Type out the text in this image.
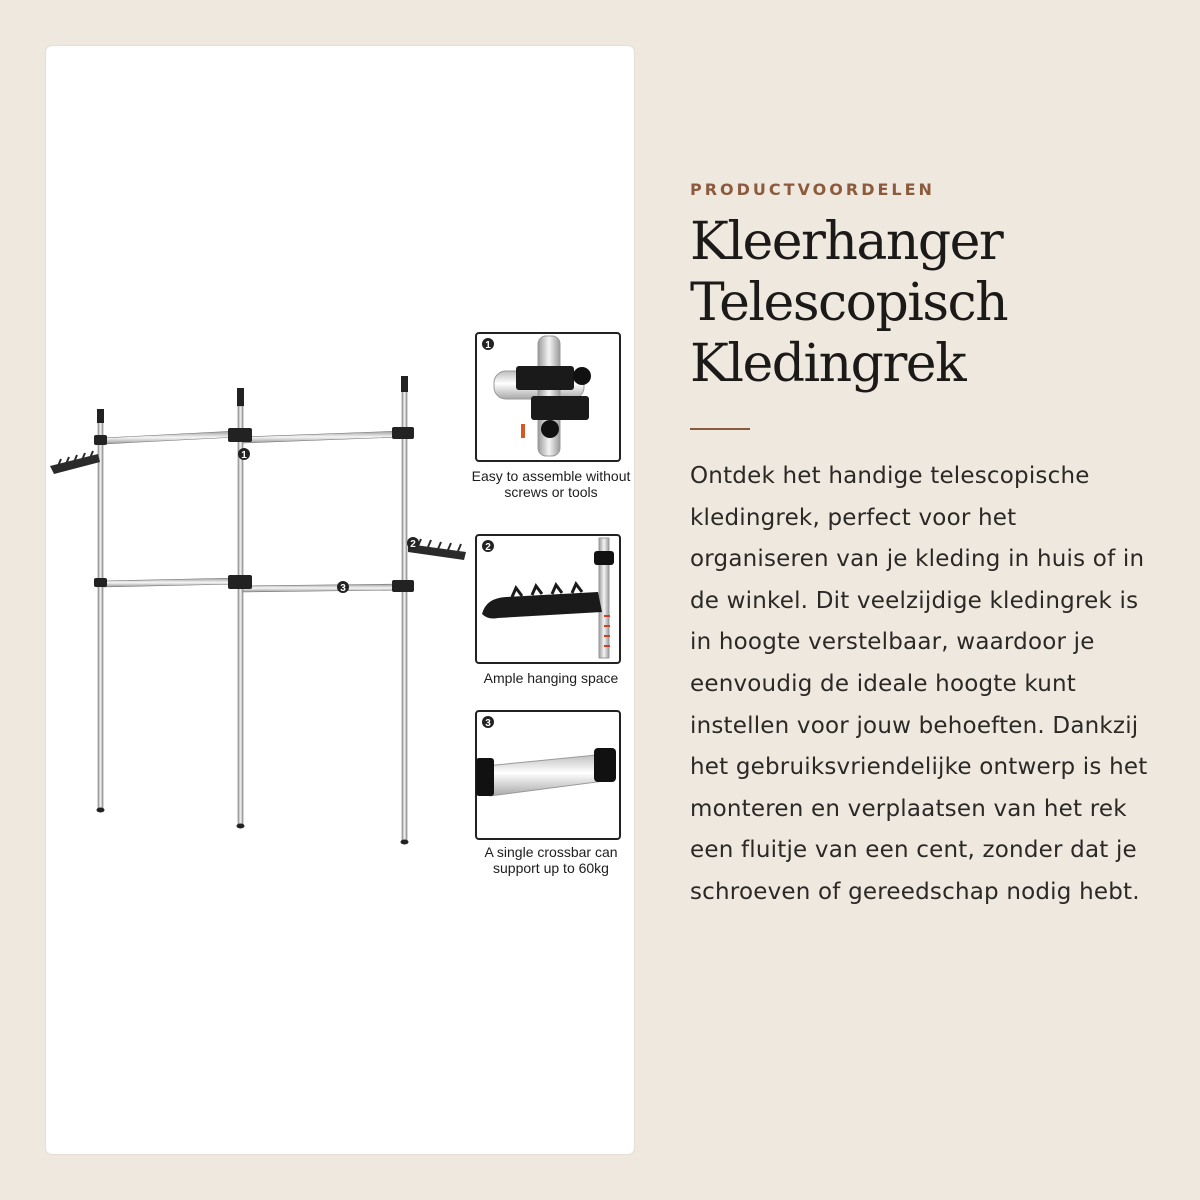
1
2
3
1
2
3
Easy to assemble without screws or tools
Ample hanging space
A single crossbar can support up to 60kg
PRODUCTVOORDELEN
Kleerhanger
Telescopisch
Kledingrek

Ontdek het handige telescopische kledingrek, perfect voor het organiseren van je kleding in huis of in de winkel. Dit veelzijdige kledingrek is in hoogte verstelbaar, waardoor je eenvoudig de ideale hoogte kunt instellen voor jouw behoeften. Dankzij het gebruiksvriendelijke ontwerp is het monteren en verplaatsen van het rek een fluitje van een cent, zonder dat je schroeven of gereedschap nodig hebt.
